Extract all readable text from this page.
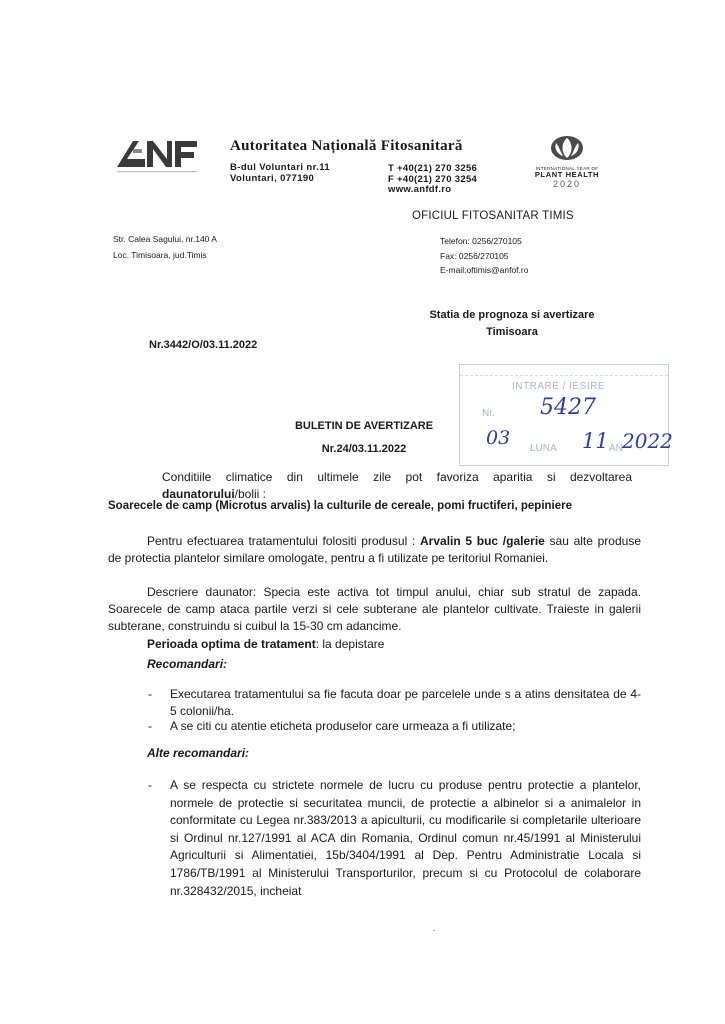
Autoritatea Națională Fitosanitară
B-dul Voluntari nr.11
Voluntari, 077190
T +40(21) 270 3256
F +40(21) 270 3254
www.anfdf.ro
INTERNATIONAL YEAR OF
PLANT HEALTH
2020
OFICIUL FITOSANITAR TIMIS
Str. Calea Sagului, nr.140 A
Loc. Timisoara, jud.Timis
Telefon: 0256/270105
Fax: 0256/270105
E-mail:oftimis@anfof.ro
Statia de prognoza si avertizare
Timisoara
Nr.3442/O/03.11.2022
INTRARE / IESIRE
Nr. 5427
03 LUNA 11 AN 2022
BULETIN DE AVERTIZARE
Nr.24/03.11.2022
Conditiile climatice din ultimele zile pot favoriza aparitia si dezvoltarea daunatorului/bolii :
Soarecele de camp (Microtus arvalis) la culturile de cereale, pomi fructiferi, pepiniere
Pentru efectuarea tratamentului folositi produsul : Arvalin 5 buc /galerie sau alte produse de protectia plantelor similare omologate, pentru a fi utilizate pe teritoriul Romaniei.
Descriere daunator: Specia este activa tot timpul anului, chiar sub stratul de zapada. Soarecele de camp ataca partile verzi si cele subterane ale plantelor cultivate. Traieste in galerii subterane, construindu si cuibul la 15-30 cm adancime.
Perioada optima de tratament: la depistare
Recomandari:
- Executarea tratamentului sa fie facuta doar pe parcelele unde s a atins densitatea de 4-5 colonii/ha.
- A se citi cu atentie eticheta produselor care urmeaza a fi utilizate;
Alte recomandari:
- A se respecta cu strictete normele de lucru cu produse pentru protectie a plantelor, normele de protectie si securitatea muncii, de protectie a albinelor si a animalelor in conformitate cu Legea nr.383/2013 a apiculturii, cu modificarile si completarile ulterioare si Ordinul nr.127/1991 al ACA din Romania, Ordinul comun nr.45/1991 al Ministerului Agriculturii si Alimentatiei, 15b/3404/1991 al Dep. Pentru Administratie Locala si 1786/TB/1991 al Ministerului Transporturilor, precum si cu Protocolul de colaborare nr.328432/2015, incheiat
